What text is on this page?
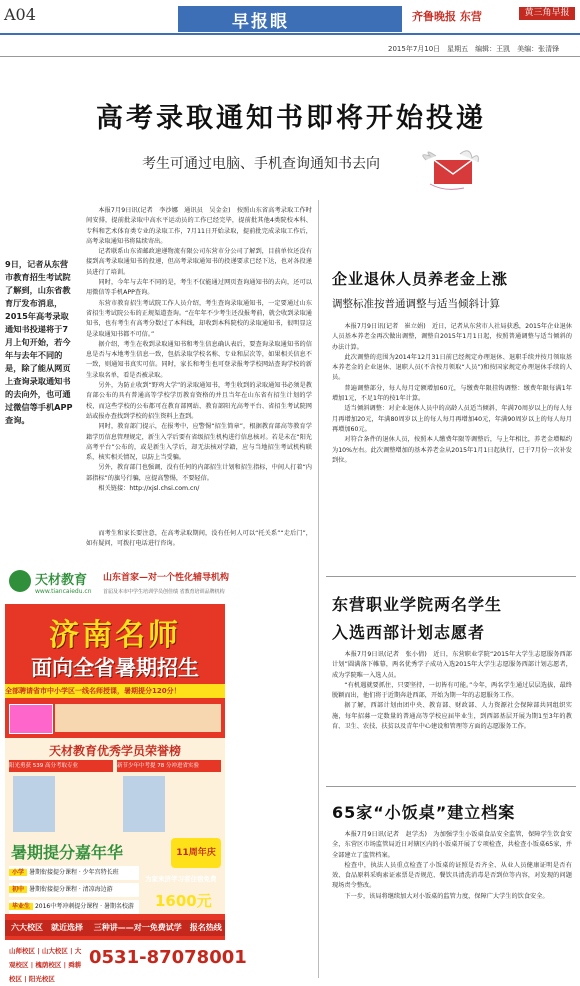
A04	早报眼	齐鲁晚报 东营	黄三角早报
2015年7月10日　星期五　编辑：王凯　美编：张清锋
高考录取通知书即将开始投递
考生可通过电脑、手机查询通知书去向
9日，记者从东营市教育招生考试院了解到，山东省教育厅发布消息，2015年高考录取通知书投递将于7月上旬开始，若今年与去年不同的是，除了能从网页上查询录取通知书的去向外，也可通过微信等手机APP查询。

本报7月9日讯(记者　李沙娜　通讯员　吴金金)　按照山东省高考录取工作时间安排，提前批录取中高水平运动员的工作已经完毕，提前批其他4类院校本科、专科和艺术体育类专业的录取工作，7月11日开始录取，提前批完成录取工作后，高考录取通知书将陆续寄出。

记者联系山东省邮政速递物流有限公司东营市分公司了解到，目前单位还没有接到高考录取通知书的投递，但高考录取通知书的投递要求已经下达，也对各投递员进行了培训。

同时，今年与去年不同的是，考生不仅能通过网页查询通知书的去向，还可以用微信等手机APP查询。

东营市教育招生考试院工作人员介绍，考生查询录取通知书，一定要通过山东省招生考试院公布的正规渠道查询。“在年年不少考生还没报考前，就会收到录取通知书，也有考生有高考分数过了本科线，却收到本科院校的录取通知书，很明显这是录取通知书都不可信。”

据介绍，考生在收到录取通知书和考生信息确认表后，要查询录取通知书的信息是否与本地考生信息一致，包括录取学校名称、专业和层次等，如果相关信息不一致，则通知书真实可信。同时，家长和考生也可登录报考学校网站查询学校的新生录取名单，看是否被录取。

另外，为防止收到“野鸡大学”的录取通知书，考生收到的录取通知书必须是教育部公布的具有普通高等学校学历教育资格的并且当年在山东省有招生计划的学校，而这些学校的公布都可在教育部网站、教育部阳光高考平台、省招生考试院网站或报办查找到学校的招生资料上查到。

同时，教育部门提示，在报考中，应警惕“招生简章”，根据教育部高等教育学籍学历信息管理规定，新生入学后要有省级招生机构进行信息核对。若是未在“阳光高考平台”公布的，或是新生入学后，却无法核对学籍，应与当地招生考试机构联系，核实相关情况，以防上当受骗。

另外，教育部门也强调，没有任何的内部招生计划和招生指标，中间人打着“内部指标”的旗号行骗，应提高警惕，不要轻信。

相关链接：http://xjsl.chsi.com.cn/

而考生和家长要注意，在高考录取期间，没有任何人可以“托关系”“走后门”，如有疑问，可拨打电话进行咨询。

企业退休人员养老金上涨
调整标准按普通调整与适当倾斜计算

本报7月9日讯(记者　崔立娟)　近日，记者从东营市人社局获悉，2015年企业退休人员基本养老金再次做出调整，调整自2015年1月1日起，按照普通调整与适当倾斜的办法计算。

此次调整的范围为2014年12月31日前已经规定办理退休、退职手续并按月领取基本养老金的企业退休、退职人员(不含按月领取“人员”)和按国家规定办理退休手续的人员。

普遍调整部分，每人每月定额增加60元，与缴费年限挂钩调整：缴费年限每满1年增加1元，不足1年的按1年计算。

适当倾斜调整：对企业退休人员中的高龄人员适当倾斜，年满70周岁以上的每人每月再增加20元，年满80周岁以上的每人每月再增加40元，年满90周岁以上的每人每月再增加60元。

对符合条件的退休人员，按照本人缴费年限等调整后，与上年相比，养老金增幅约为10%左右。此次调整增加的基本养老金从2015年1月1日起执行，已于7月份一次补发到位。

东营职业学院两名学生
入选西部计划志愿者

本报7月9日讯(记者　张小倩)　近日，东营职业学院“2015年大学生志愿服务西部计划”圆满落下帷幕，两名优秀学子成功入选2015年大学生志愿服务西部计划志愿者，成为学院唯一入选人员。

“有机遇就要抓住，只要坚持，一切皆有可能。”今年，两名学生通过层层选拔，最终脱颖而出，他们将于近期奔赴西部，开始为期一年的志愿服务工作。

据了解，西部计划由团中央、教育部、财政部、人力资源社会保障部共同组织实施，每年招募一定数量的普通高等学校应届毕业生，到西部基层开展为期1至3年的教育、卫生、农技、扶贫以及青年中心建设和管理等方面的志愿服务工作。

65家“小饭桌”建立档案

本报7月9日讯(记者　赵学杰)　为加强学生小饭桌食品安全监管，保障学生饮食安全，东营区市场监管局近日对辖区内的小饭桌开展了专项检查，共检查小饭桌65家，并全部建立了监管档案。

检查中，执法人员重点检查了小饭桌的证照是否齐全、从业人员健康证明是否有效、食品原料采购索证索票是否规范、餐饮具清洗消毒是否到位等内容，对发现的问题现场责令整改。

下一步，该局将继续加大对小饭桌的监管力度，保障广大学生的饮食安全。

天材教育
www.tiancaiedu.cn
山东首家—对一个性化辅导机构
首届及本市中学生培训学员创佳绩 省教育培训品牌机构
济南名师
面向全省暑期招生
全部聘请省市中小学区一线名师授课，暑期提分120分！
天材教育优秀学员荣誉榜
阳光勇获 539 高分考取专业	新节少年中考提 78 分冲进省实验
暑期提分嘉年华	11周年庆
小学 暑期衔接提分课程 · 少年宫特长班
初中 暑期衔接提分课程 · 清凉海边游
毕业生 2016中考冲刺提分课程 · 暑期名校游
为家来济学习者住宿免费
1600元
六大校区　就近选择 三种讲——对一免费试学　报名热线
山师校区 | 山大校区 | 大观校区 | 槐荫校区 | 舜耕校区 | 阳光校区
0531-87078001
